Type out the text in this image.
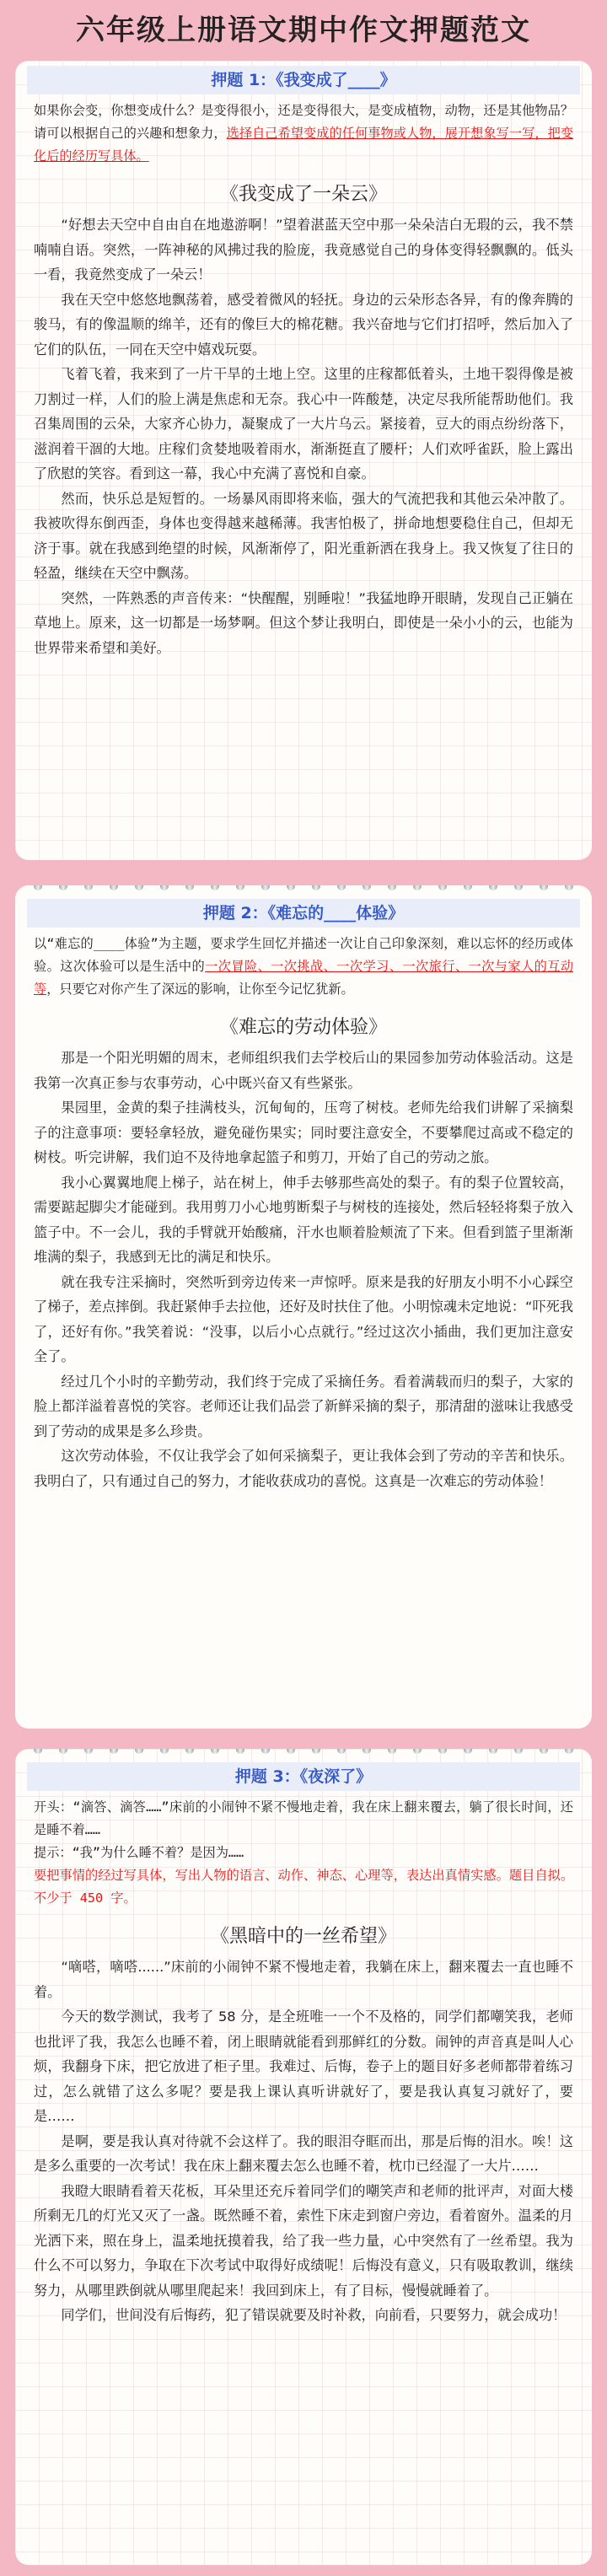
六年级上册语文期中作文押题范文
押题 1：《我变成了____》
如果你会变，你想变成什么？是变得很小，还是变得很大，是变成植物，动物，还是其他物品？请可以根据自己的兴趣和想象力，选择自己希望变成的任何事物或人物，展开想象写一写，把变化后的经历写具体。
《我变成了一朵云》

“好想去天空中自由自在地遨游啊！”望着湛蓝天空中那一朵朵洁白无瑕的云，我不禁喃喃自语。突然，一阵神秘的风拂过我的脸庞，我竟感觉自己的身体变得轻飘飘的。低头一看，我竟然变成了一朵云！

我在天空中悠悠地飘荡着，感受着微风的轻抚。身边的云朵形态各异，有的像奔腾的骏马，有的像温顺的绵羊，还有的像巨大的棉花糖。我兴奋地与它们打招呼，然后加入了它们的队伍，一同在天空中嬉戏玩耍。

飞着飞着，我来到了一片干旱的土地上空。这里的庄稼都低着头，土地干裂得像是被刀割过一样，人们的脸上满是焦虑和无奈。我心中一阵酸楚，决定尽我所能帮助他们。我召集周围的云朵，大家齐心协力，凝聚成了一大片乌云。紧接着，豆大的雨点纷纷落下，滋润着干涸的大地。庄稼们贪婪地吸着雨水，渐渐挺直了腰杆；人们欢呼雀跃，脸上露出了欣慰的笑容。看到这一幕，我心中充满了喜悦和自豪。

然而，快乐总是短暂的。一场暴风雨即将来临，强大的气流把我和其他云朵冲散了。我被吹得东倒西歪，身体也变得越来越稀薄。我害怕极了，拼命地想要稳住自己，但却无济于事。就在我感到绝望的时候，风渐渐停了，阳光重新洒在我身上。我又恢复了往日的轻盈，继续在天空中飘荡。

突然，一阵熟悉的声音传来：“快醒醒，别睡啦！”我猛地睁开眼睛，发现自己正躺在草地上。原来，这一切都是一场梦啊。但这个梦让我明白，即使是一朵小小的云，也能为世界带来希望和美好。

押题 2：《难忘的____体验》
以“难忘的____体验”为主题，要求学生回忆并描述一次让自己印象深刻，难以忘怀的经历或体验。这次体验可以是生活中的一次冒险、一次挑战、一次学习、一次旅行、一次与家人的互动等，只要它对你产生了深远的影响，让你至今记忆犹新。
《难忘的劳动体验》

那是一个阳光明媚的周末，老师组织我们去学校后山的果园参加劳动体验活动。这是我第一次真正参与农事劳动，心中既兴奋又有些紧张。

果园里，金黄的梨子挂满枝头，沉甸甸的，压弯了树枝。老师先给我们讲解了采摘梨子的注意事项：要轻拿轻放，避免碰伤果实；同时要注意安全，不要攀爬过高或不稳定的树枝。听完讲解，我们迫不及待地拿起篮子和剪刀，开始了自己的劳动之旅。

我小心翼翼地爬上梯子，站在树上，伸手去够那些高处的梨子。有的梨子位置较高，需要踮起脚尖才能碰到。我用剪刀小心地剪断梨子与树枝的连接处，然后轻轻将梨子放入篮子中。不一会儿，我的手臂就开始酸痛，汗水也顺着脸颊流了下来。但看到篮子里渐渐堆满的梨子，我感到无比的满足和快乐。

就在我专注采摘时，突然听到旁边传来一声惊呼。原来是我的好朋友小明不小心踩空了梯子，差点摔倒。我赶紧伸手去拉他，还好及时扶住了他。小明惊魂未定地说：“吓死我了，还好有你。”我笑着说：“没事，以后小心点就行。”经过这次小插曲，我们更加注意安全了。

经过几个小时的辛勤劳动，我们终于完成了采摘任务。看着满载而归的梨子，大家的脸上都洋溢着喜悦的笑容。老师还让我们品尝了新鲜采摘的梨子，那清甜的滋味让我感受到了劳动的成果是多么珍贵。

这次劳动体验，不仅让我学会了如何采摘梨子，更让我体会到了劳动的辛苦和快乐。我明白了，只有通过自己的努力，才能收获成功的喜悦。这真是一次难忘的劳动体验！

押题 3：《夜深了》
开头：“滴答、滴答……”床前的小闹钟不紧不慢地走着，我在床上翻来覆去，躺了很长时间，还是睡不着……
提示：“我”为什么睡不着？是因为……
要把事情的经过写具体，写出人物的语言、动作、神态、心理等，表达出真情实感。题目自拟。不少于 450 字。
《黑暗中的一丝希望》

“嘀嗒，嘀嗒......”床前的小闹钟不紧不慢地走着，我躺在床上，翻来覆去一直也睡不着。

今天的数学测试，我考了 58 分，是全班唯一一个不及格的，同学们都嘲笑我，老师也批评了我，我怎么也睡不着，闭上眼睛就能看到那鲜红的分数。闹钟的声音真是叫人心烦，我翻身下床，把它放进了柜子里。我难过、后悔，卷子上的题目好多老师都带着练习过，怎么就错了这么多呢？要是我上课认真听讲就好了，要是我认真复习就好了，要是……

是啊，要是我认真对待就不会这样了。我的眼泪夺眶而出，那是后悔的泪水。唉！这是多么重要的一次考试！我在床上翻来覆去怎么也睡不着，枕巾已经湿了一大片……

我瞪大眼睛看着天花板，耳朵里还充斥着同学们的嘲笑声和老师的批评声，对面大楼所剩无几的灯光又灭了一盏。既然睡不着，索性下床走到窗户旁边，看着窗外。温柔的月光洒下来，照在身上，温柔地抚摸着我，给了我一些力量，心中突然有了一丝希望。我为什么不可以努力，争取在下次考试中取得好成绩呢！后悔没有意义，只有吸取教训，继续努力，从哪里跌倒就从哪里爬起来！我回到床上，有了目标，慢慢就睡着了。

同学们，世间没有后悔药，犯了错误就要及时补救，向前看，只要努力，就会成功！
